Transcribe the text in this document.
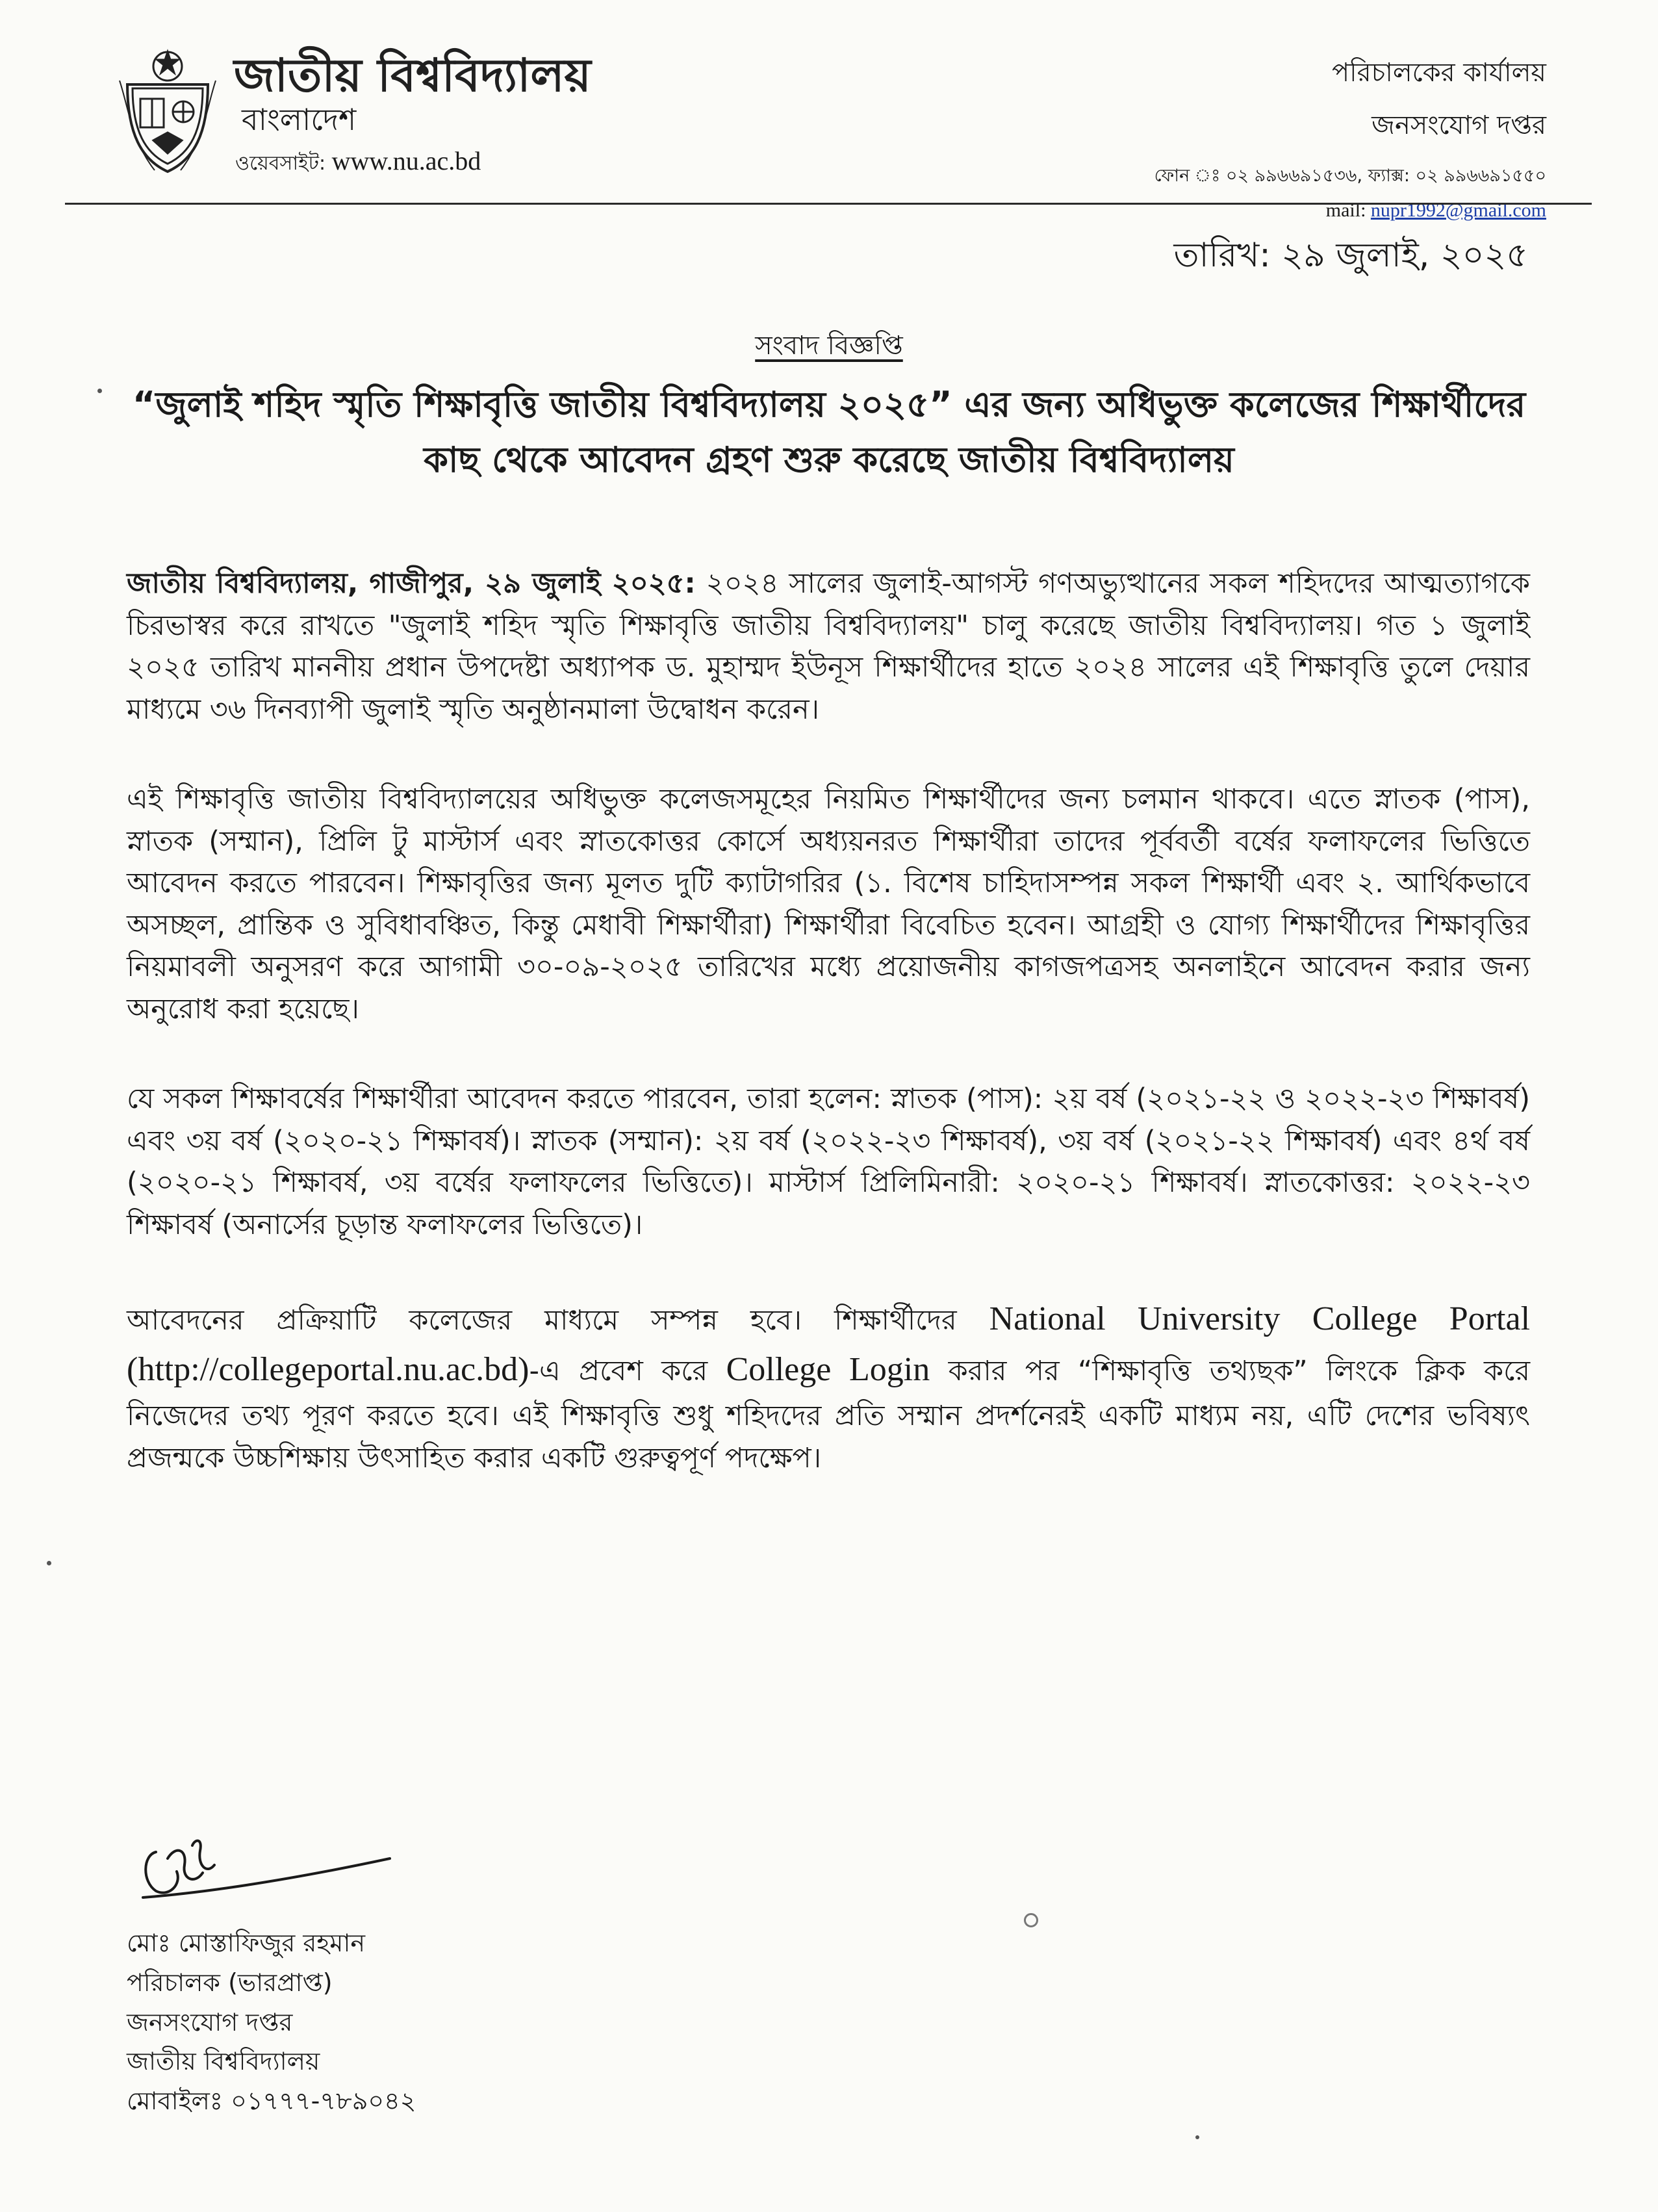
জাতীয় বিশ্ববিদ্যালয়
বাংলাদেশ
ওয়েবসাইট: www.nu.ac.bd
পরিচালকের কার্যালয়
জনসংযোগ দপ্তর
ফোন ঃ ০২ ৯৯৬৬৯১৫৩৬, ফ্যাক্স: ০২ ৯৯৬৬৯১৫৫০
mail: nupr1992@gmail.com
তারিখ: ২৯ জুলাই, ২০২৫
সংবাদ বিজ্ঞপ্তি
“জুলাই শহিদ স্মৃতি শিক্ষাবৃত্তি জাতীয় বিশ্ববিদ্যালয় ২০২৫” এর জন্য অধিভুক্ত কলেজের শিক্ষার্থীদের কাছ থেকে আবেদন গ্রহণ শুরু করেছে জাতীয় বিশ্ববিদ্যালয়

জাতীয় বিশ্ববিদ্যালয়, গাজীপুর, ২৯ জুলাই ২০২৫: ২০২৪ সালের জুলাই-আগস্ট গণঅভ্যুত্থানের সকল শহিদদের আত্মত্যাগকে চিরভাস্বর করে রাখতে "জুলাই শহিদ স্মৃতি শিক্ষাবৃত্তি জাতীয় বিশ্ববিদ্যালয়" চালু করেছে জাতীয় বিশ্ববিদ্যালয়। গত ১ জুলাই ২০২৫ তারিখ মাননীয় প্রধান উপদেষ্টা অধ্যাপক ড. মুহাম্মদ ইউনূস শিক্ষার্থীদের হাতে ২০২৪ সালের এই শিক্ষাবৃত্তি তুলে দেয়ার মাধ্যমে ৩৬ দিনব্যাপী জুলাই স্মৃতি অনুষ্ঠানমালা উদ্বোধন করেন।

এই শিক্ষাবৃত্তি জাতীয় বিশ্ববিদ্যালয়ের অধিভুক্ত কলেজসমূহের নিয়মিত শিক্ষার্থীদের জন্য চলমান থাকবে। এতে স্নাতক (পাস), স্নাতক (সম্মান), প্রিলি টু মাস্টার্স এবং স্নাতকোত্তর কোর্সে অধ্যয়নরত শিক্ষার্থীরা তাদের পূর্ববর্তী বর্ষের ফলাফলের ভিত্তিতে আবেদন করতে পারবেন। শিক্ষাবৃত্তির জন্য মূলত দুটি ক্যাটাগরির (১. বিশেষ চাহিদাসম্পন্ন সকল শিক্ষার্থী এবং ২. আর্থিকভাবে অসচ্ছল, প্রান্তিক ও সুবিধাবঞ্চিত, কিন্তু মেধাবী শিক্ষার্থীরা) শিক্ষার্থীরা বিবেচিত হবেন। আগ্রহী ও যোগ্য শিক্ষার্থীদের শিক্ষাবৃত্তির নিয়মাবলী অনুসরণ করে আগামী ৩০-০৯-২০২৫ তারিখের মধ্যে প্রয়োজনীয় কাগজপত্রসহ অনলাইনে আবেদন করার জন্য অনুরোধ করা হয়েছে।

যে সকল শিক্ষাবর্ষের শিক্ষার্থীরা আবেদন করতে পারবেন, তারা হলেন: স্নাতক (পাস): ২য় বর্ষ (২০২১-২২ ও ২০২২-২৩ শিক্ষাবর্ষ) এবং ৩য় বর্ষ (২০২০-২১ শিক্ষাবর্ষ)। স্নাতক (সম্মান): ২য় বর্ষ (২০২২-২৩ শিক্ষাবর্ষ), ৩য় বর্ষ (২০২১-২২ শিক্ষাবর্ষ) এবং ৪র্থ বর্ষ (২০২০-২১ শিক্ষাবর্ষ, ৩য় বর্ষের ফলাফলের ভিত্তিতে)। মাস্টার্স প্রিলিমিনারী: ২০২০-২১ শিক্ষাবর্ষ। স্নাতকোত্তর: ২০২২-২৩ শিক্ষাবর্ষ (অনার্সের চূড়ান্ত ফলাফলের ভিত্তিতে)।

আবেদনের প্রক্রিয়াটি কলেজের মাধ্যমে সম্পন্ন হবে। শিক্ষার্থীদের National University College Portal (http://collegeportal.nu.ac.bd)-এ প্রবেশ করে College Login করার পর “শিক্ষাবৃত্তি তথ্যছক” লিংকে ক্লিক করে নিজেদের তথ্য পূরণ করতে হবে। এই শিক্ষাবৃত্তি শুধু শহিদদের প্রতি সম্মান প্রদর্শনেরই একটি মাধ্যম নয়, এটি দেশের ভবিষ্যৎ প্রজন্মকে উচ্চশিক্ষায় উৎসাহিত করার একটি গুরুত্বপূর্ণ পদক্ষেপ।

মোঃ মোস্তাফিজুর রহমান
পরিচালক (ভারপ্রাপ্ত)
জনসংযোগ দপ্তর
জাতীয় বিশ্ববিদ্যালয়
মোবাইলঃ ০১৭৭৭-৭৮৯০৪২
